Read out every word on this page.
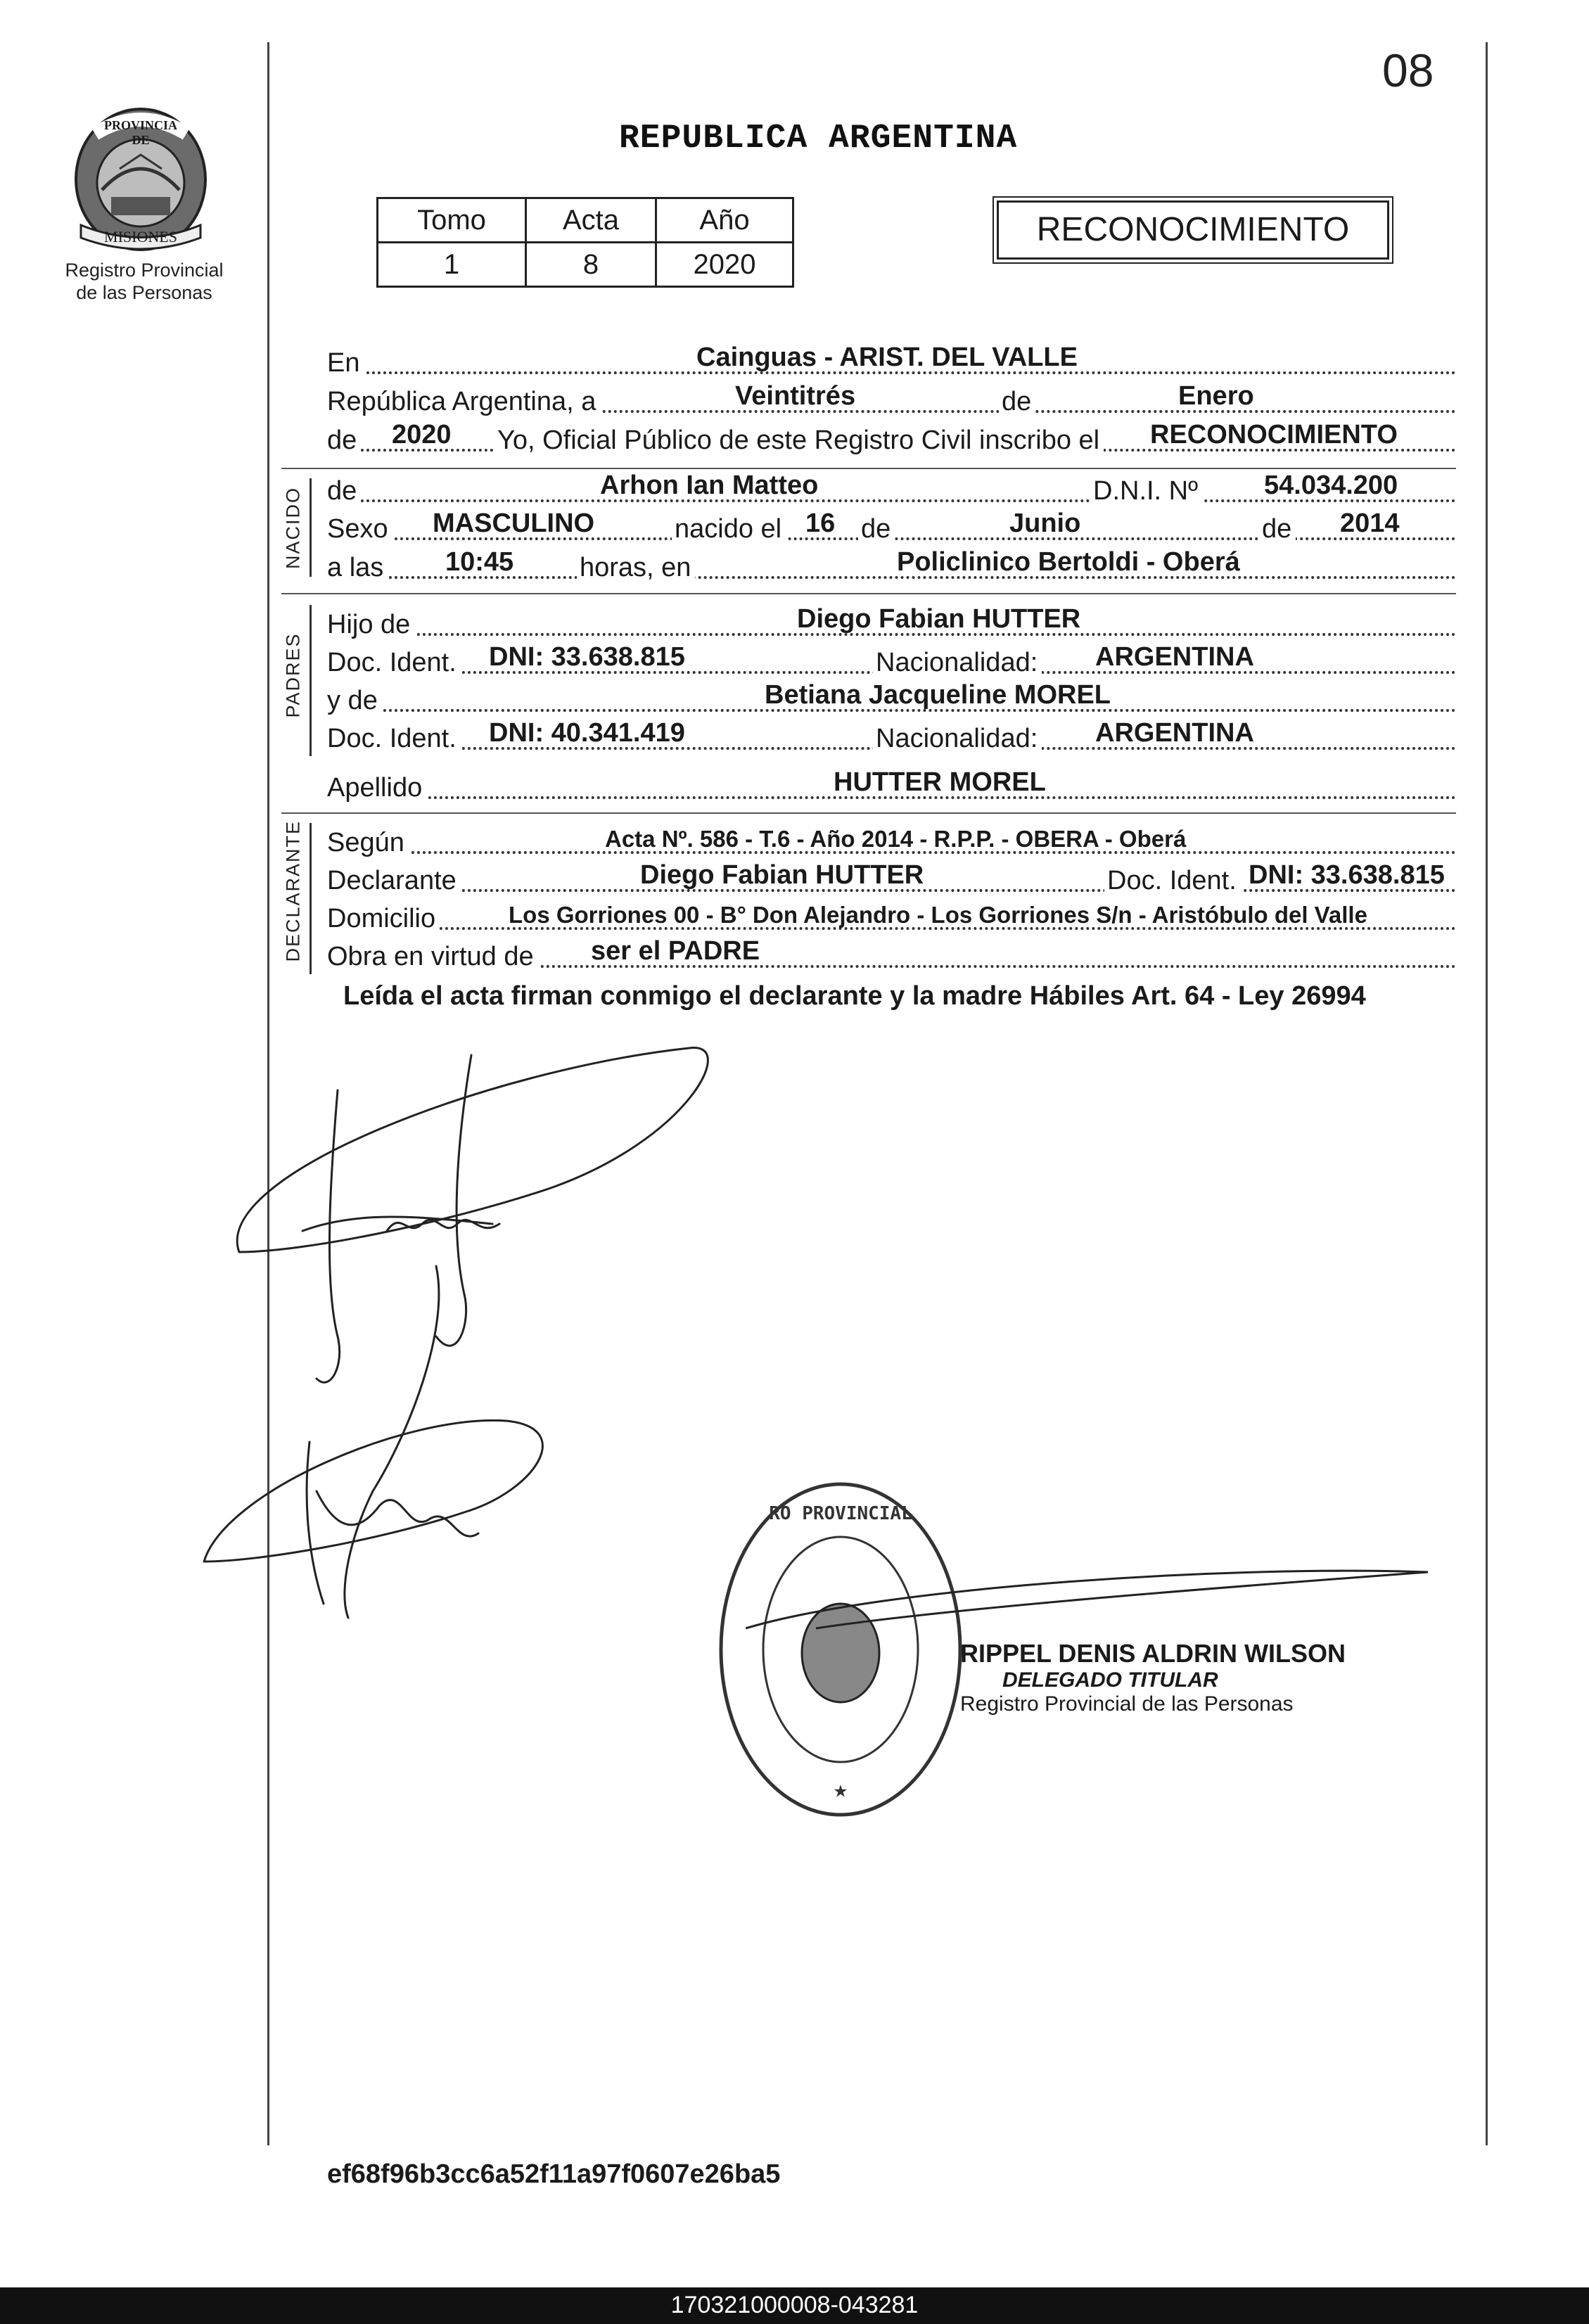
PROVINCIA DE
MISIONES
Registro Provincial
de las Personas
08
REPUBLICA ARGENTINA
Tomo	Acta	Año
1	8	2020
RECONOCIMIENTO
En	Cainguas - ARIST. DEL VALLE
República Argentina, a	Veintitrés	de	Enero
de 2020 Yo, Oficial Público de este Registro Civil inscribo el RECONOCIMIENTO
de	Arhon Ian Matteo	D.N.I. Nº 54.034.200
Sexo MASCULINO	nacido el 16 de	Junio	de 2014
a las 10:45 horas, en	Policlinico Bertoldi - Oberá
Hijo de	Diego Fabian HUTTER
Doc. Ident. DNI: 33.638.815	Nacionalidad: ARGENTINA
y de	Betiana Jacqueline MOREL
Doc. Ident. DNI: 40.341.419	Nacionalidad: ARGENTINA
Apellido	HUTTER MOREL
Según	Acta Nº. 586 - T.6 - Año 2014 - R.P.P. - OBERA - Oberá
Declarante	Diego Fabian HUTTER	Doc. Ident. DNI: 33.638.815
Domicilio	Los Gorriones 00 - B° Don Alejandro - Los Gorriones S/n - Aristóbulo del Valle
Obra en virtud de ser el PADRE
NACIDO
PADRES
DECLARANTE
Leída el acta firman conmigo el declarante y la madre Hábiles Art. 64 - Ley 26994
RO PROVINCIAL
★
RIPPEL DENIS ALDRIN WILSON
DELEGADO TITULAR
Registro Provincial de las Personas
ef68f96b3cc6a52f11a97f0607e26ba5
170321000008-043281
